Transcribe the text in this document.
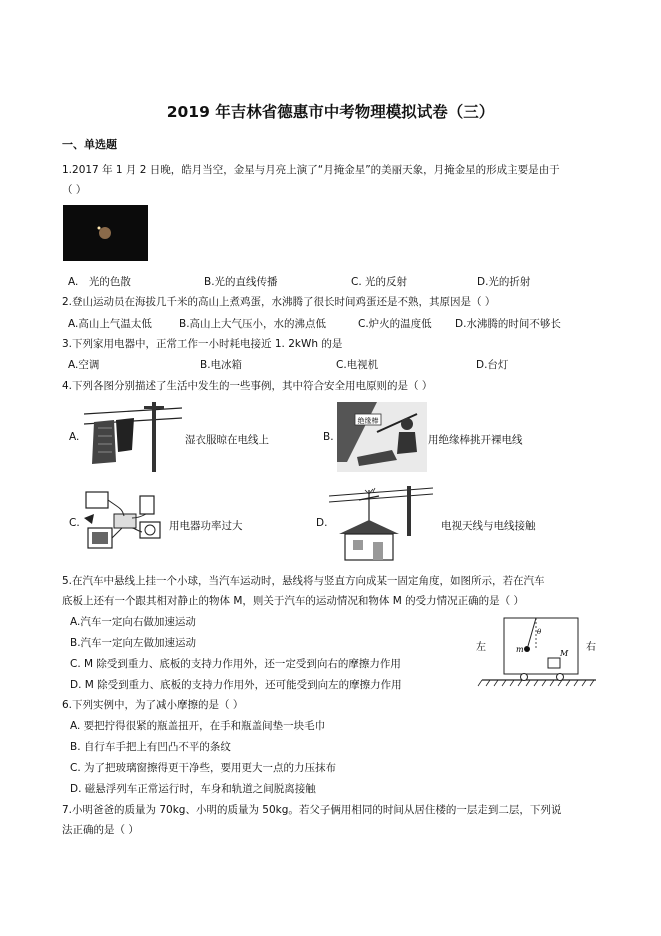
2019 年吉林省德惠市中考物理模拟试卷（三）
一、单选题
1.2017 年 1 月 2 日晚，皓月当空，金星与月亮上演了“月掩金星”的美丽天象，月掩金星的形成主要是由于
（ ）
A.　光的色散	B.光的直线传播	C. 光的反射	D.光的折射
2.登山运动员在海拔几千米的高山上煮鸡蛋，水沸腾了很长时间鸡蛋还是不熟，其原因是（ ）
A.高山上气温太低	B.高山上大气压小，水的沸点低	C.炉火的温度低 D.水沸腾的时间不够长
3.下列家用电器中，正常工作一小时耗电接近 1. 2kWh 的是
A.空调	B.电冰箱	C.电视机	D.台灯
4.下列各图分别描述了生活中发生的一些事例，其中符合安全用电原则的是（ ）
A.	湿衣服晾在电线上	B.
绝缘棒
用绝缘棒挑开裸电线
C.	用电器功率过大	D.	电视天线与电线接触
5.在汽车中悬线上挂一个小球，当汽车运动时，悬线将与竖直方向成某一固定角度，如图所示，若在汽车
底板上还有一个跟其相对静止的物体 M，则关于汽车的运动情况和物体 M 的受力情况正确的是（ ）
A.汽车一定向右做加速运动
B.汽车一定向左做加速运动
C. M 除受到重力、底板的支持力作用外，还一定受到向右的摩擦力作用
D. M 除受到重力、底板的支持力作用外，还可能受到向左的摩擦力作用
左	右
m
θ
M
6.下列实例中，为了减小摩擦的是（ ）
A. 要把拧得很紧的瓶盖扭开，在手和瓶盖间垫一块毛巾
B. 自行车手把上有凹凸不平的条纹
C. 为了把玻璃窗擦得更干净些，要用更大一点的力压抹布
D. 磁悬浮列车正常运行时，车身和轨道之间脱离接触
7.小明爸爸的质量为 70kg、小明的质量为 50kg。若父子俩用相同的时间从居住楼的一层走到二层，下列说
法正确的是（ ）
